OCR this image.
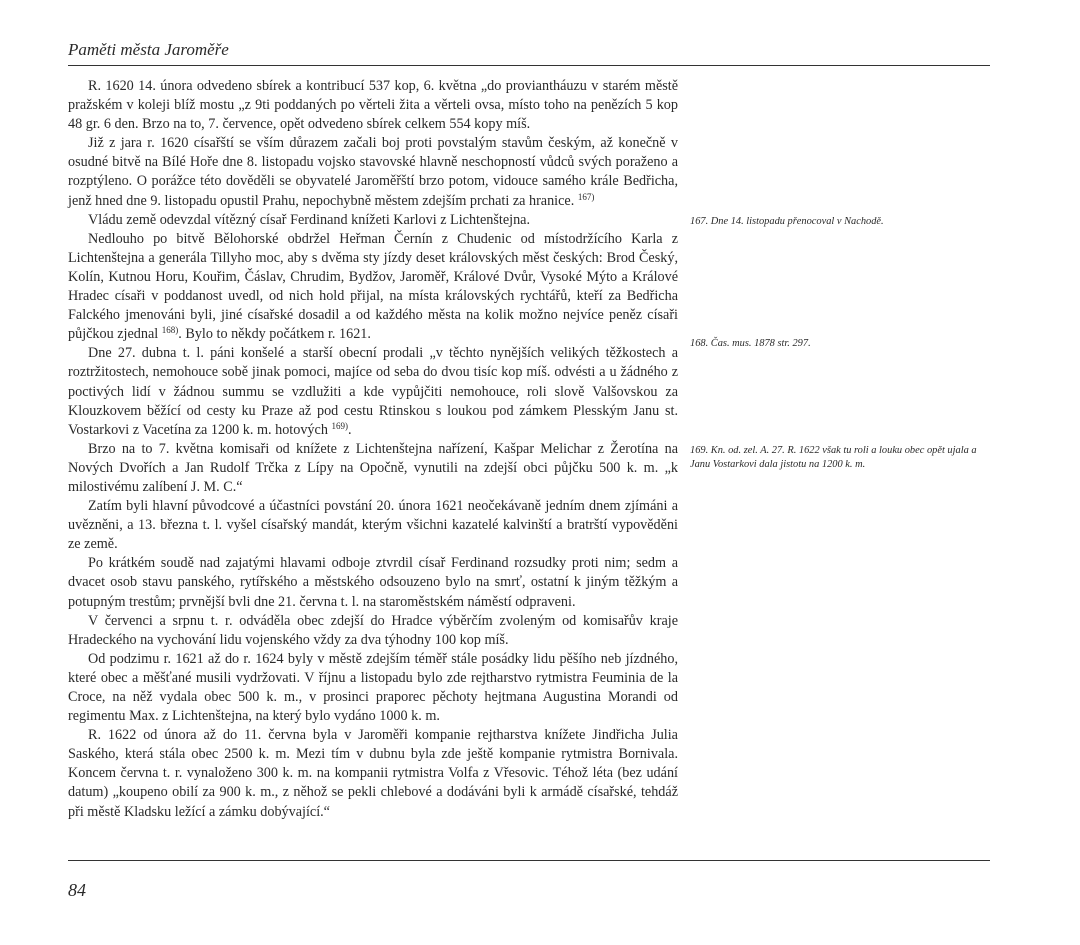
Paměti města Jaroměře

R. 1620 14. února odvedeno sbírek a kontribucí 537 kop, 6. května „do proviantháuzu v starém městě pražském v koleji blíž mostu „z 9ti poddaných po věrteli žita a věrteli ovsa, místo toho na penězích 5 kop 48 gr. 6 den. Brzo na to, 7. července, opět odvedeno sbírek celkem 554 kopy míš.

Již z jara r. 1620 císařští se vším důrazem začali boj proti povstalým stavům českým, až konečně v osudné bitvě na Bílé Hoře dne 8. listopadu vojsko stavovské hlavně neschopností vůdců svých poraženo a rozptýleno. O porážce této dověděli se obyvatelé Jaroměřští brzo potom, vidouce samého krále Bedřicha, jenž hned dne 9. listopadu opustil Prahu, nepochybně městem zdejším prchati za hranice. $^{167)}$

Vládu země odevzdal vítězný císař Ferdinand knížeti Karlovi z Lichtenštejna.

Nedlouho po bitvě Bělohorské obdržel Heřman Černín z Chudenic od místodržícího Karla z Lichtenštejna a generála Tillyho moc, aby s dvěma sty jízdy deset královských měst českých: Brod Český, Kolín, Kutnou Horu, Kouřim, Čáslav, Chrudim, Bydžov, Jaroměř, Králové Dvůr, Vysoké Mýto a Králové Hradec císaři v poddanost uvedl, od nich hold přijal, na místa královských rychtářů, kteří za Bedřicha Falckého jmenováni byli, jiné císařské dosadil a od každého města na kolik možno nejvíce peněz císaři půjčkou zjednal $^{168)}$. Bylo to někdy počátkem r. 1621.

Dne 27. dubna t. l. páni konšelé a starší obecní prodali „v těchto nynějších velikých těžkostech a roztržitostech, nemohouce sobě jinak pomoci, majíce od seba do dvou tisíc kop míš. odvésti a u žádného z poctivých lidí v žádnou summu se vzdlužiti a kde vypůjčiti nemohouce, roli slově Valšovskou za Klouzkovem běžící od cesty ku Praze až pod cestu Rtinskou s loukou pod zámkem Plesským Janu st. Vostarkovi z Vacetína za 1200 k. m. hotových $^{169)}$.

Brzo na to 7. května komisaři od knížete z Lichtenštejna nařízení, Kašpar Melichar z Žerotína na Nových Dvořích a Jan Rudolf Trčka z Lípy na Opočně, vynutili na zdejší obci půjčku 500 k. m. „k milostivému zalíbení J. M. C.“

Zatím byli hlavní původcové a účastníci povstání 20. února 1621 neočekávaně jedním dnem zjímáni a uvězněni, a 13. března t. l. vyšel císařský mandát, kterým všichni kazatelé kalvinští a bratrští vypověděni ze země.

Po krátkém soudě nad zajatými hlavami odboje ztvrdil císař Ferdinand rozsudky proti nim; sedm a dvacet osob stavu panského, rytířského a městského odsouzeno bylo na smrť, ostatní k jiným těžkým a potupným trestům; prvnější bvli dne 21. června t. l. na staroměstském náměstí odpraveni.

V červenci a srpnu t. r. odváděla obec zdejší do Hradce výběrčím zvoleným od komisařův kraje Hradeckého na vychování lidu vojenského vždy za dva týhodny 100 kop míš.

Od podzimu r. 1621 až do r. 1624 byly v městě zdejším téměř stále posádky lidu pěšího neb jízdného, které obec a měšťané musili vydržovati. V říjnu a listopadu bylo zde rejtharstvo rytmistra Feuminia de la Croce, na něž vydala obec 500 k. m., v prosinci praporec pěchoty hejtmana Augustina Morandi od regimentu Max. z Lichtenštejna, na který bylo vydáno 1000 k. m.

R. 1622 od února až do 11. června byla v Jaroměři kompanie rejtharstva knížete Jindřicha Julia Saského, která stála obec 2500 k. m. Mezi tím v dubnu byla zde ještě kompanie rytmistra Bornivala. Koncem června t. r. vynaloženo 300 k. m. na kompanii rytmistra Volfa z Vřesovic. Téhož léta (bez udání datum) „koupeno obilí za 900 k. m., z něhož se pekli chlebové a dodáváni byli k armádě císařské, tehdáž při městě Kladsku ležící a zámku dobývající.“

167. Dne 14. listopadu přenocoval v Nachodě.

168. Čas. mus. 1878 str. 297.

169. Kn. od. zel. A. 27. R. 1622 však tu roli a louku obec opět ujala a Janu Vostarkovi dala jistotu na 1200 k. m.

84
